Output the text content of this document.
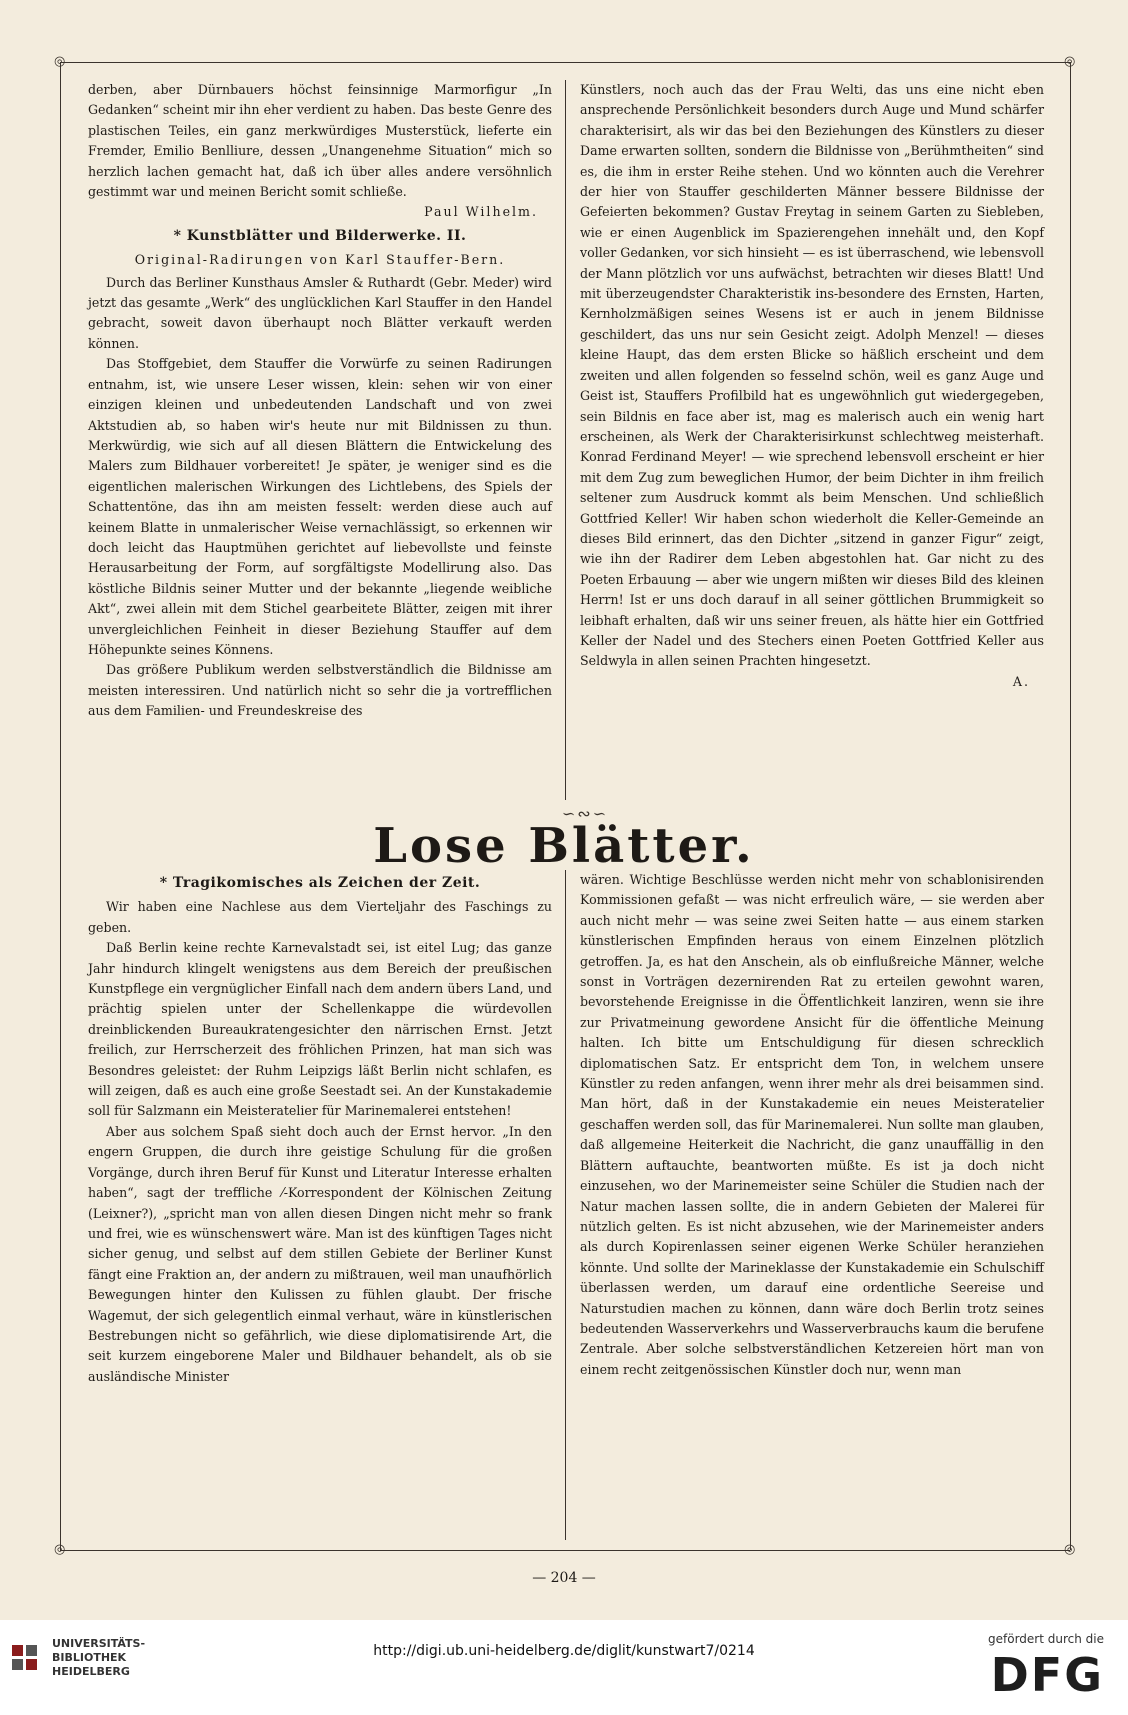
◎	◎
◎	◎

derben, aber Dürnbauers höchst feinsinnige Marmorfigur „In Gedanken“ scheint mir ihn eher verdient zu haben. Das beste Genre des plastischen Teiles, ein ganz merkwürdiges Musterstück, lieferte ein Fremder, Emilio Benlliure, dessen „Unangenehme Situation“ mich so herzlich lachen gemacht hat, daß ich über alles andere versöhnlich gestimmt war und meinen Bericht somit schließe.

Paul Wilhelm.
* Kunstblätter und Bilderwerke. II.
Original-Radirungen von Karl Stauffer-Bern.

Durch das Berliner Kunsthaus Amsler & Ruthardt (Gebr. Meder) wird jetzt das gesamte „Werk“ des unglücklichen Karl Stauffer in den Handel gebracht, soweit davon überhaupt noch Blätter verkauft werden können.

Das Stoffgebiet, dem Stauffer die Vorwürfe zu seinen Radirungen entnahm, ist, wie unsere Leser wissen, klein: sehen wir von einer einzigen kleinen und unbedeutenden Landschaft und von zwei Aktstudien ab, so haben wir's heute nur mit Bildnissen zu thun. Merkwürdig, wie sich auf all diesen Blättern die Entwickelung des Malers zum Bildhauer vorbereitet! Je später, je weniger sind es die eigentlichen malerischen Wirkungen des Lichtlebens, des Spiels der Schattentöne, das ihn am meisten fesselt: werden diese auch auf keinem Blatte in unmalerischer Weise vernachlässigt, so erkennen wir doch leicht das Hauptmühen gerichtet auf liebevollste und feinste Herausarbeitung der Form, auf sorgfältigste Modellirung also. Das köstliche Bildnis seiner Mutter und der bekannte „liegende weibliche Akt“, zwei allein mit dem Stichel gearbeitete Blätter, zeigen mit ihrer unvergleichlichen Feinheit in dieser Beziehung Stauffer auf dem Höhepunkte seines Könnens.

Das größere Publikum werden selbstverständlich die Bildnisse am meisten interessiren. Und natürlich nicht so sehr die ja vortrefflichen aus dem Familien- und Freundeskreise des

Künstlers, noch auch das der Frau Welti, das uns eine nicht eben ansprechende Persönlichkeit besonders durch Auge und Mund schärfer charakterisirt, als wir das bei den Beziehungen des Künstlers zu dieser Dame erwarten sollten, sondern die Bildnisse von „Berühmtheiten“ sind es, die ihm in erster Reihe stehen. Und wo könnten auch die Verehrer der hier von Stauffer geschilderten Männer bessere Bildnisse der Gefeierten bekommen? Gustav Freytag in seinem Garten zu Siebleben, wie er einen Augenblick im Spazierengehen innehält und, den Kopf voller Gedanken, vor sich hinsieht — es ist überraschend, wie lebensvoll der Mann plötzlich vor uns aufwächst, betrachten wir dieses Blatt! Und mit überzeugendster Charakteristik ins-besondere des Ernsten, Harten, Kernholzmäßigen seines Wesens ist er auch in jenem Bildnisse geschildert, das uns nur sein Gesicht zeigt. Adolph Menzel! — dieses kleine Haupt, das dem ersten Blicke so häßlich erscheint und dem zweiten und allen folgenden so fesselnd schön, weil es ganz Auge und Geist ist, Stauffers Profilbild hat es ungewöhnlich gut wiedergegeben, sein Bildnis en face aber ist, mag es malerisch auch ein wenig hart erscheinen, als Werk der Charakterisirkunst schlechtweg meisterhaft. Konrad Ferdinand Meyer! — wie sprechend lebensvoll erscheint er hier mit dem Zug zum beweglichen Humor, der beim Dichter in ihm freilich seltener zum Ausdruck kommt als beim Menschen. Und schließlich Gottfried Keller! Wir haben schon wiederholt die Keller-Gemeinde an dieses Bild erinnert, das den Dichter „sitzend in ganzer Figur“ zeigt, wie ihn der Radirer dem Leben abgestohlen hat. Gar nicht zu des Poeten Erbauung — aber wie ungern mißten wir dieses Bild des kleinen Herrn! Ist er uns doch darauf in all seiner göttlichen Brummigkeit so leibhaft erhalten, daß wir uns seiner freuen, als hätte hier ein Gottfried Keller der Nadel und des Stechers einen Poeten Gottfried Keller aus Seldwyla in allen seinen Prachten hingesetzt.

A.
∽∾∽
Lose Blätter.
* Tragikomisches als Zeichen der Zeit.

Wir haben eine Nachlese aus dem Vierteljahr des Faschings zu geben.

Daß Berlin keine rechte Karnevalstadt sei, ist eitel Lug; das ganze Jahr hindurch klingelt wenigstens aus dem Bereich der preußischen Kunstpflege ein vergnüglicher Einfall nach dem andern übers Land, und prächtig spielen unter der Schellenkappe die würdevollen dreinblickenden Bureaukratengesichter den närrischen Ernst. Jetzt freilich, zur Herrscherzeit des fröhlichen Prinzen, hat man sich was Besondres geleistet: der Ruhm Leipzigs läßt Berlin nicht schlafen, es will zeigen, daß es auch eine große Seestadt sei. An der Kunstakademie soll für Salzmann ein Meisteratelier für Marinemalerei entstehen!

Aber aus solchem Spaß sieht doch auch der Ernst hervor. „In den engern Gruppen, die durch ihre geistige Schulung für die großen Vorgänge, durch ihren Beruf für Kunst und Literatur Interesse erhalten haben“, sagt der treffliche ⁄-Korrespondent der Kölnischen Zeitung (Leixner?), „spricht man von allen diesen Dingen nicht mehr so frank und frei, wie es wünschenswert wäre. Man ist des künftigen Tages nicht sicher genug, und selbst auf dem stillen Gebiete der Berliner Kunst fängt eine Fraktion an, der andern zu mißtrauen, weil man unaufhörlich Bewegungen hinter den Kulissen zu fühlen glaubt. Der frische Wagemut, der sich gelegentlich einmal verhaut, wäre in künstlerischen Bestrebungen nicht so gefährlich, wie diese diplomatisirende Art, die seit kurzem eingeborene Maler und Bildhauer behandelt, als ob sie ausländische Minister

wären. Wichtige Beschlüsse werden nicht mehr von schablonisirenden Kommissionen gefaßt — was nicht erfreulich wäre, — sie werden aber auch nicht mehr — was seine zwei Seiten hatte — aus einem starken künstlerischen Empfinden heraus von einem Einzelnen plötzlich getroffen. Ja, es hat den Anschein, als ob einflußreiche Männer, welche sonst in Vorträgen dezernirenden Rat zu erteilen gewohnt waren, bevorstehende Ereignisse in die Öffentlichkeit lanziren, wenn sie ihre zur Privatmeinung gewordene Ansicht für die öffentliche Meinung halten. Ich bitte um Entschuldigung für diesen schrecklich diplomatischen Satz. Er entspricht dem Ton, in welchem unsere Künstler zu reden anfangen, wenn ihrer mehr als drei beisammen sind. Man hört, daß in der Kunstakademie ein neues Meisteratelier geschaffen werden soll, das für Marinemalerei. Nun sollte man glauben, daß allgemeine Heiterkeit die Nachricht, die ganz unauffällig in den Blättern auftauchte, beantworten müßte. Es ist ja doch nicht einzusehen, wo der Marinemeister seine Schüler die Studien nach der Natur machen lassen sollte, die in andern Gebieten der Malerei für nützlich gelten. Es ist nicht abzusehen, wie der Marinemeister anders als durch Kopirenlassen seiner eigenen Werke Schüler heranziehen könnte. Und sollte der Marineklasse der Kunstakademie ein Schulschiff überlassen werden, um darauf eine ordentliche Seereise und Naturstudien machen zu können, dann wäre doch Berlin trotz seines bedeutenden Wasserverkehrs und Wasserverbrauchs kaum die berufene Zentrale. Aber solche selbstverständlichen Ketzereien hört man von einem recht zeitgenössischen Künstler doch nur, wenn man

— 204 —
UNIVERSITÄTS-
BIBLIOTHEK
HEIDELBERG
http://digi.ub.uni-heidelberg.de/diglit/kunstwart7/0214
gefördert durch die
DFG
